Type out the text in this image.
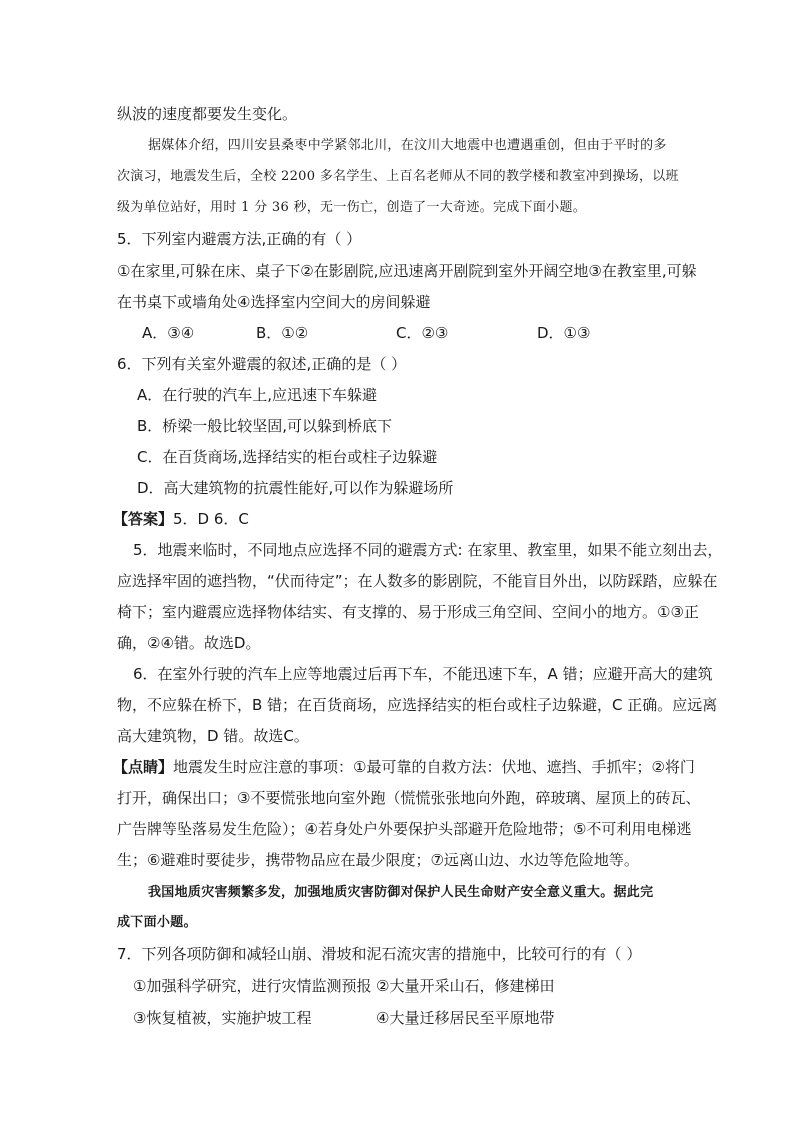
纵波的速度都要发生变化。
据媒体介绍，四川安县桑枣中学紧邻北川，在汶川大地震中也遭遇重创，但由于平时的多
次演习，地震发生后，全校 2200 多名学生、上百名老师从不同的教学楼和教室冲到操场，以班
级为单位站好，用时 1 分 36 秒，无一伤亡，创造了一大奇迹。完成下面小题。
5．下列室内避震方法,正确的有（ ）
①在家里,可躲在床、桌子下②在影剧院,应迅速离开剧院到室外开阔空地③在教室里,可躲
在书桌下或墙角处④选择室内空间大的房间躲避
A．③④	B．①②	C．②③	D．①③
6．下列有关室外避震的叙述,正确的是（ ）
A．在行驶的汽车上,应迅速下车躲避
B．桥梁一般比较坚固,可以躲到桥底下
C．在百货商场,选择结实的柜台或柱子边躲避
D．高大建筑物的抗震性能好,可以作为躲避场所
【答案】5．D 6．C
5．地震来临时，不同地点应选择不同的避震方式: 在家里、教室里，如果不能立刻出去，
应选择牢固的遮挡物，“伏而待定”；在人数多的影剧院，不能盲目外出，以防踩踏，应躲在
椅下；室内避震应选择物体结实、有支撑的、易于形成三角空间、空间小的地方。①③正
确，②④错。故选D。
6．在室外行驶的汽车上应等地震过后再下车，不能迅速下车，A 错；应避开高大的建筑
物，不应躲在桥下，B 错；在百货商场，应选择结实的柜台或柱子边躲避，C 正确。应远离
高大建筑物，D 错。故选C。
【点睛】地震发生时应注意的事项：①最可靠的自救方法：伏地、遮挡、手抓牢；②将门
打开，确保出口；③不要慌张地向室外跑（慌慌张张地向外跑，碎玻璃、屋顶上的砖瓦、
广告牌等坠落易发生危险）；④若身处户外要保护头部避开危险地带；⑤不可利用电梯逃
生；⑥避难时要徒步，携带物品应在最少限度；⑦远离山边、水边等危险地等。
我国地质灾害频繁多发，加强地质灾害防御对保护人民生命财产安全意义重大。据此完
成下面小题。
7．下列各项防御和减轻山崩、滑坡和泥石流灾害的措施中，比较可行的有（ ）
①加强科学研究，进行灾情监测预报 ②大量开采山石，修建梯田
③恢复植被，实施护坡工程	④大量迁移居民至平原地带
